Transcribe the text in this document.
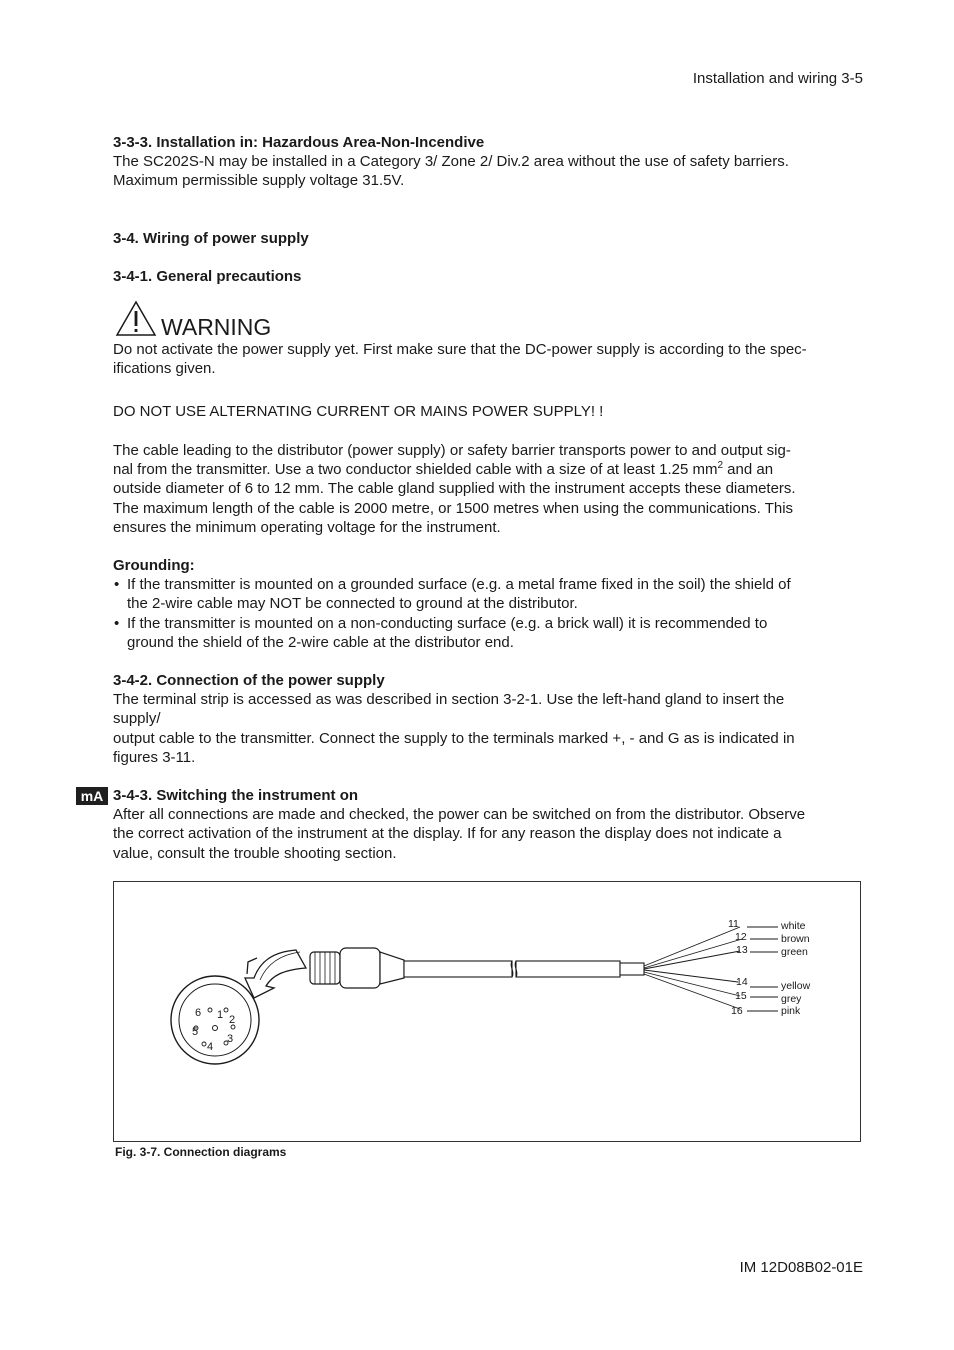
Installation and wiring 3-5

3-3-3. Installation in: Hazardous Area-Non-Incendive

The SC202S-N may be installed in a Category 3/ Zone 2/ Div.2 area without the use of safety barriers.

Maximum permissible supply voltage 31.5V.

3-4. Wiring of power supply
3-4-1. General precautions
WARNING

Do not activate the power supply yet. First make sure that the DC-power supply is according to the spec-

ifications given.

DO NOT USE ALTERNATING CURRENT OR MAINS POWER SUPPLY! !

The cable leading to the distributor (power supply) or safety barrier transports power to and output sig-

nal from the transmitter. Use a two conductor shielded cable with a size of at least 1.25 $mm^2$ and an

outside diameter of 6 to 12 mm. The cable gland supplied with the instrument accepts these diameters.

The maximum length of the cable is 2000 metre, or 1500 metres when using the communications. This

ensures the minimum operating voltage for the instrument.

Grounding:

• If the transmitter is mounted on a grounded surface (e.g. a metal frame fixed in the soil) the shield of
the 2-wire cable may NOT be connected to ground at the distributor.
• If the transmitter is mounted on a non-conducting surface (e.g. a brick wall) it is recommended to
ground the shield of the 2-wire cable at the distributor end.

3-4-2. Connection of the power supply

The terminal strip is accessed as was described in section 3-2-1. Use the left-hand gland to insert the

supply/

output cable to the transmitter. Connect the supply to the terminals marked +, - and G as is indicated in

figures 3-11.

mA 3-4-3. Switching the instrument on

After all connections are made and checked, the power can be switched on from the distributor. Observe

the correct activation of the instrument at the display. If for any reason the display does not indicate a

value, consult the trouble shooting section.

1 2
3
4
5
6
11
12
13
14
15
16
white
brown
green
yellow
grey
pink
Fig. 3-7. Connection diagrams
IM 12D08B02-01E
